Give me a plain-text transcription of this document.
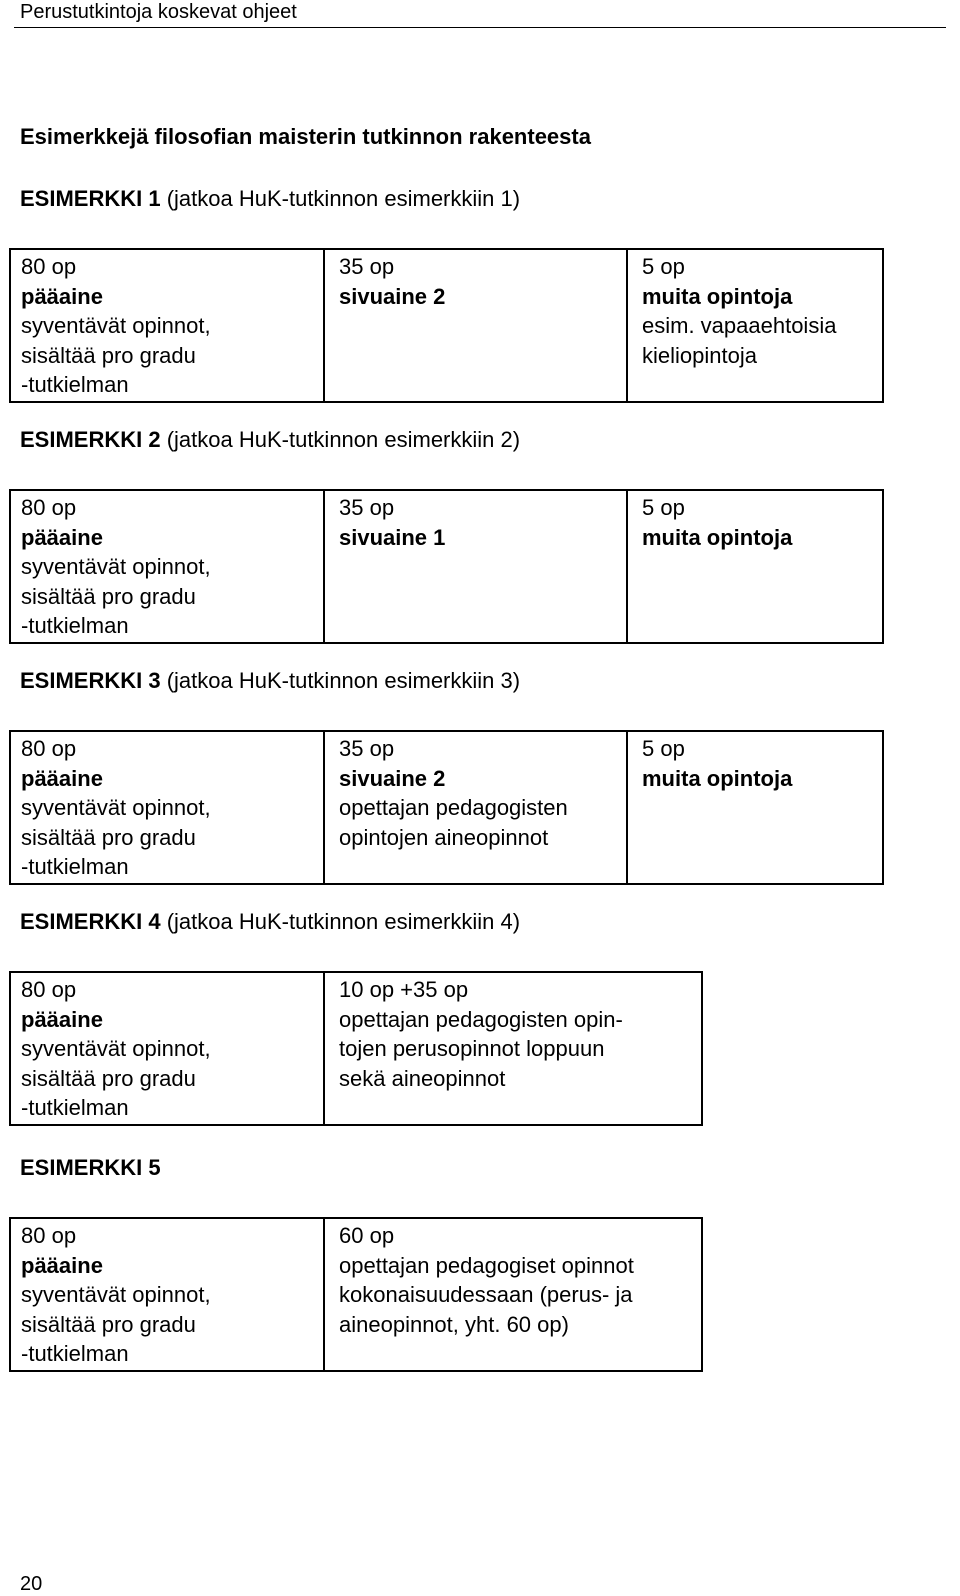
Perustutkintoja koskevat ohjeet
Esimerkkejä filosofian maisterin tutkinnon rakenteesta
ESIMERKKI 1 (jatkoa HuK-tutkinnon esimerkkiin 1)
80 op
pääaine
syventävät opinnot,
sisältää pro gradu
-tutkielman

35 op
sivuaine 2

5 op
muita opintoja
esim. vapaaehtoisia
kieliopintoja
ESIMERKKI 2 (jatkoa HuK-tutkinnon esimerkkiin 2)
80 op
pääaine
syventävät opinnot,
sisältää pro gradu
-tutkielman

35 op
sivuaine 1

5 op
muita opintoja
ESIMERKKI 3 (jatkoa HuK-tutkinnon esimerkkiin 3)
80 op
pääaine
syventävät opinnot,
sisältää pro gradu
-tutkielman

35 op
sivuaine 2
opettajan pedagogisten
opintojen aineopinnot

5 op
muita opintoja
ESIMERKKI 4 (jatkoa HuK-tutkinnon esimerkkiin 4)
80 op
pääaine
syventävät opinnot,
sisältää pro gradu
-tutkielman

10 op +35 op
opettajan pedagogisten opin-
tojen perusopinnot loppuun
sekä aineopinnot
ESIMERKKI 5
80 op
pääaine
syventävät opinnot,
sisältää pro gradu
-tutkielman

60 op
opettajan pedagogiset opinnot
kokonaisuudessaan (perus- ja
aineopinnot, yht. 60 op)
20
